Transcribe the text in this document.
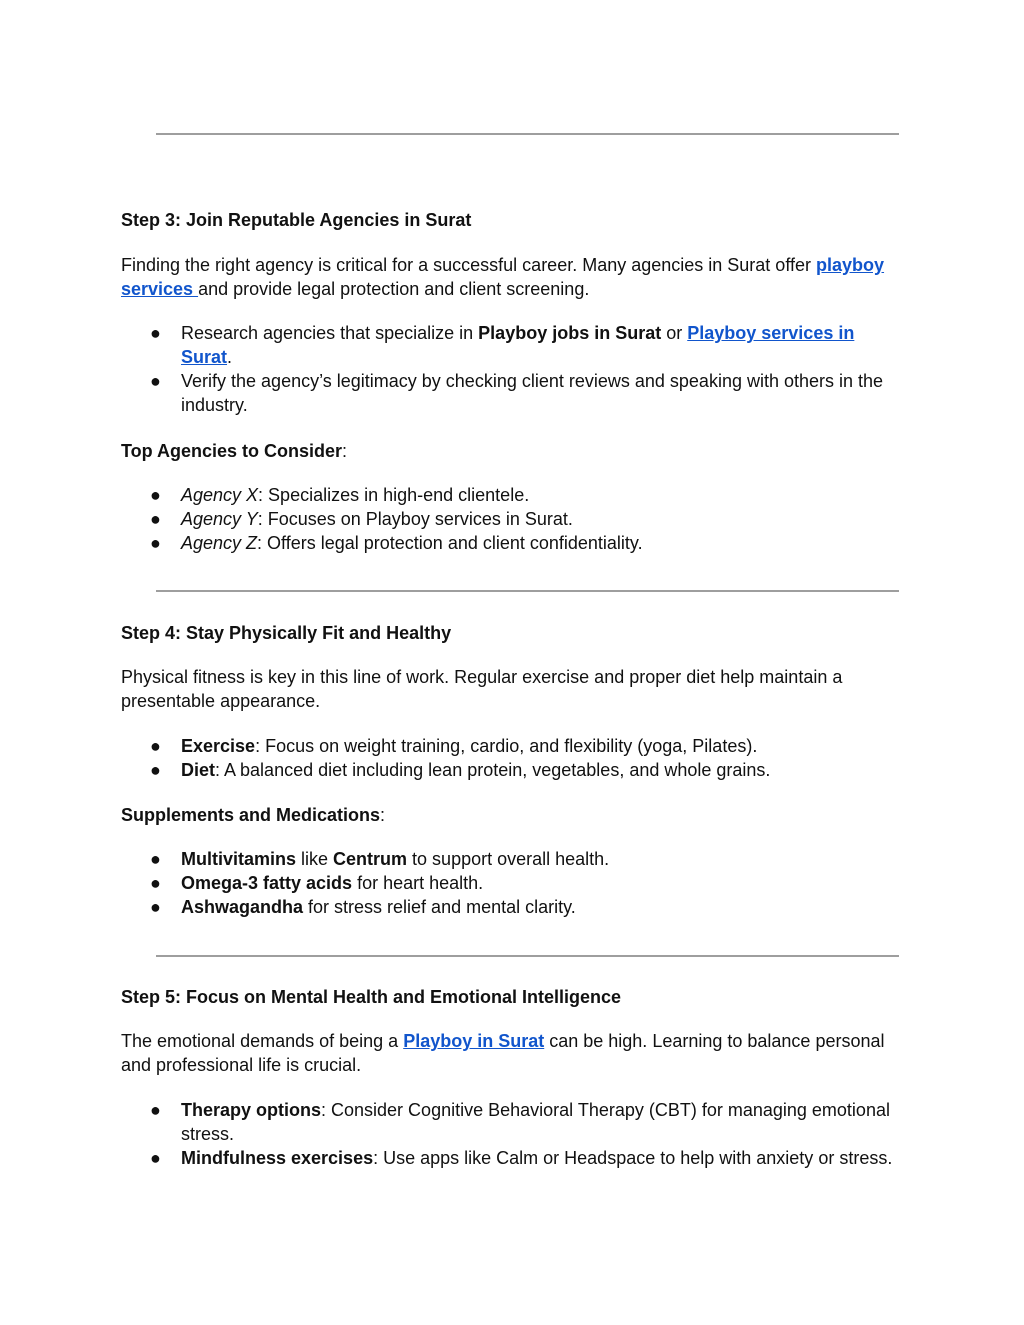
Step 3: Join Reputable Agencies in Surat
Finding the right agency is critical for a successful career. Many agencies in Surat offer playboy services and provide legal protection and client screening.
●	Research agencies that specialize in Playboy jobs in Surat or Playboy services in Surat.
●	Verify the agency’s legitimacy by checking client reviews and speaking with others in the industry.
Top Agencies to Consider:
●	Agency X: Specializes in high-end clientele.
●	Agency Y: Focuses on Playboy services in Surat.
●	Agency Z: Offers legal protection and client confidentiality.
Step 4: Stay Physically Fit and Healthy
Physical fitness is key in this line of work. Regular exercise and proper diet help maintain a presentable appearance.
●	Exercise: Focus on weight training, cardio, and flexibility (yoga, Pilates).
●	Diet: A balanced diet including lean protein, vegetables, and whole grains.
Supplements and Medications:
●	Multivitamins like Centrum to support overall health.
●	Omega-3 fatty acids for heart health.
●	Ashwagandha for stress relief and mental clarity.
Step 5: Focus on Mental Health and Emotional Intelligence
The emotional demands of being a Playboy in Surat can be high. Learning to balance personal and professional life is crucial.
●	Therapy options: Consider Cognitive Behavioral Therapy (CBT) for managing emotional stress.
●	Mindfulness exercises: Use apps like Calm or Headspace to help with anxiety or stress.
